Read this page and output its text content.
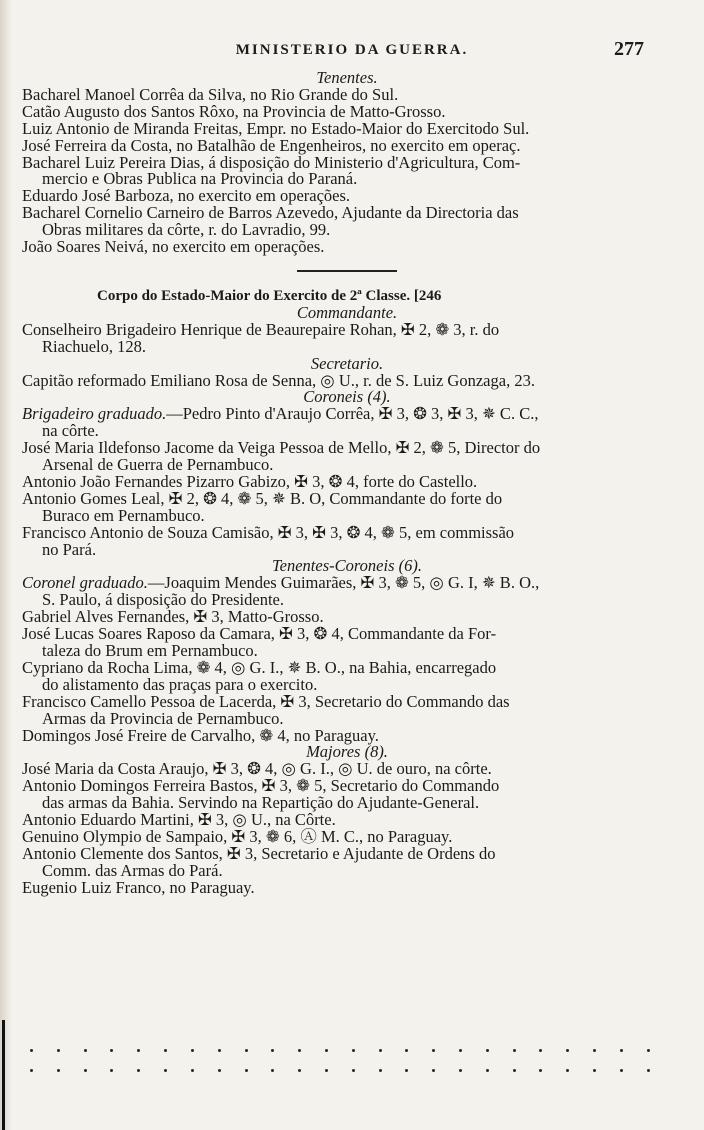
MINISTERIO DA GUERRA.	277

Tenentes.

Bacharel Manoel Corrêa da Silva, no Rio Grande do Sul.

Catão Augusto dos Santos Rôxo, na Provincia de Matto-Grosso.

Luiz Antonio de Miranda Freitas, Empr. no Estado-Maior do Exercitodo Sul.

José Ferreira da Costa, no Batalhão de Engenheiros, no exercito em operaç.

Bacharel Luiz Pereira Dias, á disposição do Ministerio d'Agricultura, Com-

mercio e Obras Publica na Provincia do Paraná.

Eduardo José Barboza, no exercito em operações.

Bacharel Cornelio Carneiro de Barros Azevedo, Ajudante da Directoria das

Obras militares da côrte, r. do Lavradio, 99.

João Soares Neivá, no exercito em operações.

Corpo do Estado-Maior do Exercito de 2ª Classe. [246

Commandante.

Conselheiro Brigadeiro Henrique de Beaurepaire Rohan, ✠ 2, ❁ 3, r. do

Riachuelo, 128.

Secretario.

Capitão reformado Emiliano Rosa de Senna, ◎ U., r. de S. Luiz Gonzaga, 23.

Coroneis (4).

Brigadeiro graduado.—Pedro Pinto d'Araujo Corrêa, ✠ 3, ❂ 3, ✠ 3, ✵ C. C.,

na côrte.

José Maria Ildefonso Jacome da Veiga Pessoa de Mello, ✠ 2, ❁ 5, Director do

Arsenal de Guerra de Pernambuco.

Antonio João Fernandes Pizarro Gabizo, ✠ 3, ❂ 4, forte do Castello.

Antonio Gomes Leal, ✠ 2, ❂ 4, ❁ 5, ✵ B. O, Commandante do forte do

Buraco em Pernambuco.

Francisco Antonio de Souza Camisão, ✠ 3, ✠ 3, ❂ 4, ❁ 5, em commissão

no Pará.

Tenentes-Coroneis (6).

Coronel graduado.—Joaquim Mendes Guimarães, ✠ 3, ❁ 5, ◎ G. I, ✵ B. O.,

S. Paulo, á disposição do Presidente.

Gabriel Alves Fernandes, ✠ 3, Matto-Grosso.

José Lucas Soares Raposo da Camara, ✠ 3, ❂ 4, Commandante da For-

taleza do Brum em Pernambuco.

Cypriano da Rocha Lima, ❁ 4, ◎ G. I., ✵ B. O., na Bahia, encarregado

do alistamento das praças para o exercito.

Francisco Camello Pessoa de Lacerda, ✠ 3, Secretario do Commando das

Armas da Provincia de Pernambuco.

Domingos José Freire de Carvalho, ❁ 4, no Paraguay.

Majores (8).

José Maria da Costa Araujo, ✠ 3, ❂ 4, ◎ G. I., ◎ U. de ouro, na côrte.

Antonio Domingos Ferreira Bastos, ✠ 3, ❁ 5, Secretario do Commando

das armas da Bahia. Servindo na Repartição do Ajudante-General.

Antonio Eduardo Martini, ✠ 3, ◎ U., na Côrte.

Genuino Olympio de Sampaio, ✠ 3, ❁ 6, Ⓐ M. C., no Paraguay.

Antonio Clemente dos Santos, ✠ 3, Secretario e Ajudante de Ordens do

Comm. das Armas do Pará.

Eugenio Luiz Franco, no Paraguay.
